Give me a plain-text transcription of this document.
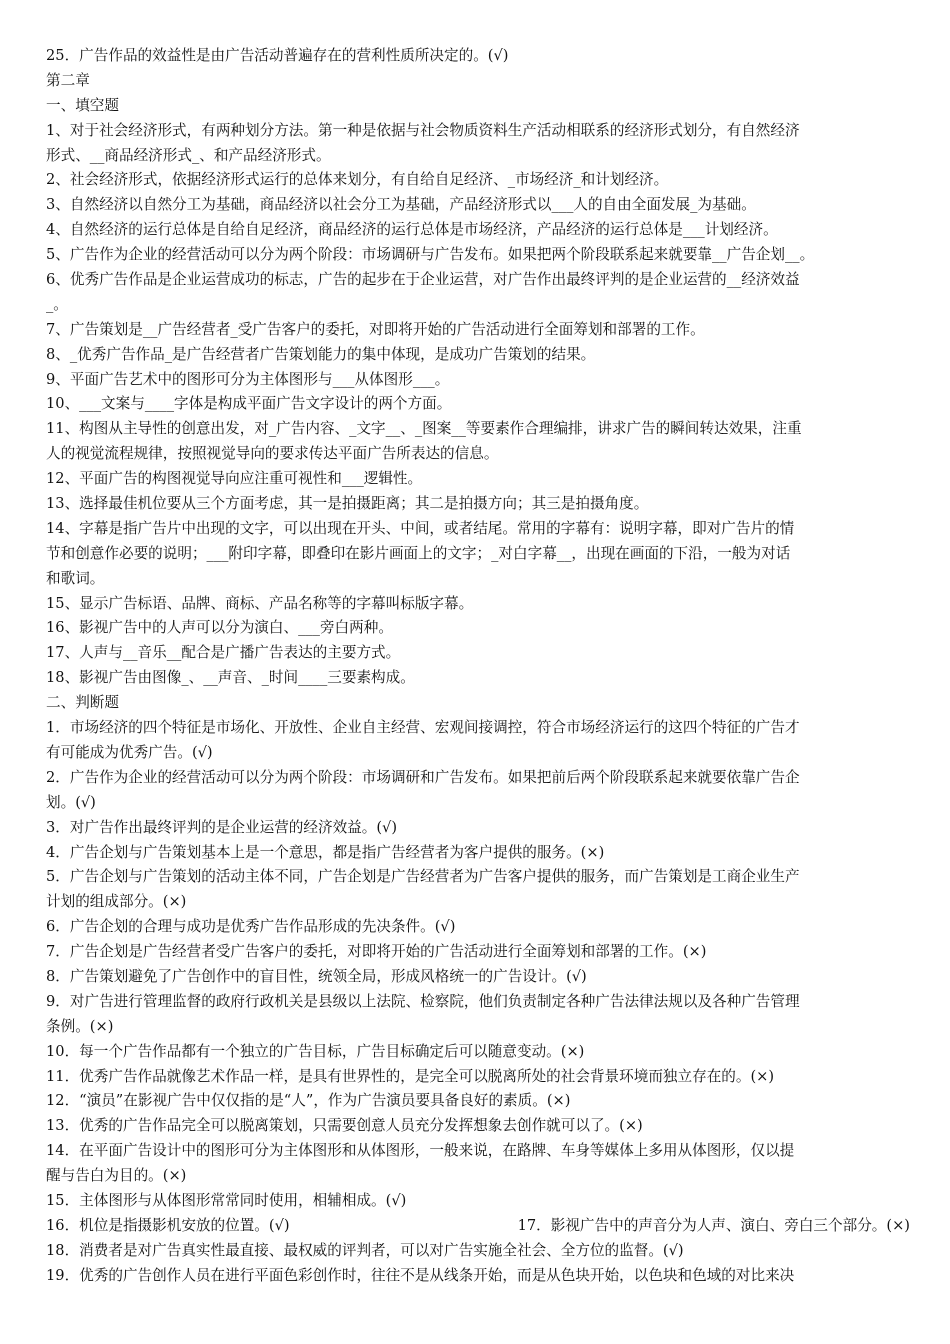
25．广告作品的效益性是由广告活动普遍存在的营利性质所决定的。(√)
第二章
一、填空题
1、对于社会经济形式，有两种划分方法。第一种是依据与社会物质资料生产活动相联系的经济形式划分，有自然经济
形式、__商品经济形式_、和产品经济形式。
2、社会经济形式，依据经济形式运行的总体来划分，有自给自足经济、_市场经济_和计划经济。
3、自然经济以自然分工为基础，商品经济以社会分工为基础，产品经济形式以___人的自由全面发展_为基础。
4、自然经济的运行总体是自给自足经济，商品经济的运行总体是市场经济，产品经济的运行总体是___计划经济。
5、广告作为企业的经营活动可以分为两个阶段：市场调研与广告发布。如果把两个阶段联系起来就要靠__广告企划__。
6、优秀广告作品是企业运营成功的标志，广告的起步在于企业运营，对广告作出最终评判的是企业运营的__经济效益
_。
7、广告策划是__广告经营者_受广告客户的委托，对即将开始的广告活动进行全面筹划和部署的工作。
8、_优秀广告作品_是广告经营者广告策划能力的集中体现，是成功广告策划的结果。
9、平面广告艺术中的图形可分为主体图形与___从体图形___。
10、___文案与____字体是构成平面广告文字设计的两个方面。
11、构图从主导性的创意出发，对_广告内容、_文字__、_图案__等要素作合理编排，讲求广告的瞬间转达效果，注重
人的视觉流程规律，按照视觉导向的要求传达平面广告所表达的信息。
12、平面广告的构图视觉导向应注重可视性和___逻辑性。
13、选择最佳机位要从三个方面考虑，其一是拍摄距离；其二是拍摄方向；其三是拍摄角度。
14、字幕是指广告片中出现的文字，可以出现在开头、中间，或者结尾。常用的字幕有：说明字幕，即对广告片的情
节和创意作必要的说明；___附印字幕，即叠印在影片画面上的文字；_对白字幕__，出现在画面的下沿，一般为对话
和歌词。
15、显示广告标语、品牌、商标、产品名称等的字幕叫标版字幕。
16、影视广告中的人声可以分为演白、___旁白两种。
17、人声与__音乐__配合是广播广告表达的主要方式。
18、影视广告由图像_、__声音、_时间____三要素构成。
二、判断题
1．市场经济的四个特征是市场化、开放性、企业自主经营、宏观间接调控，符合市场经济运行的这四个特征的广告才
有可能成为优秀广告。(√)
2．广告作为企业的经营活动可以分为两个阶段：市场调研和广告发布。如果把前后两个阶段联系起来就要依靠广告企
划。(√)
3．对广告作出最终评判的是企业运营的经济效益。(√)
4．广告企划与广告策划基本上是一个意思，都是指广告经营者为客户提供的服务。(×)
5．广告企划与广告策划的活动主体不同，广告企划是广告经营者为广告客户提供的服务，而广告策划是工商企业生产
计划的组成部分。(×)
6．广告企划的合理与成功是优秀广告作品形成的先决条件。(√)
7．广告企划是广告经营者受广告客户的委托，对即将开始的广告活动进行全面筹划和部署的工作。(×)
8．广告策划避免了广告创作中的盲目性，统领全局，形成风格统一的广告设计。(√)
9．对广告进行管理监督的政府行政机关是县级以上法院、检察院，他们负责制定各种广告法律法规以及各种广告管理
条例。(×)
10．每一个广告作品都有一个独立的广告目标，广告目标确定后可以随意变动。(×)
11．优秀广告作品就像艺术作品一样，是具有世界性的，是完全可以脱离所处的社会背景环境而独立存在的。(×)
12．“演员”在影视广告中仅仅指的是“人”，作为广告演员要具备良好的素质。(×)
13．优秀的广告作品完全可以脱离策划，只需要创意人员充分发挥想象去创作就可以了。(×)
14．在平面广告设计中的图形可分为主体图形和从体图形，一般来说，在路牌、车身等媒体上多用从体图形，仅以提
醒与告白为目的。(×)
15．主体图形与从体图形常常同时使用，相辅相成。(√)
16．机位是指摄影机安放的位置。(√)	17．影视广告中的声音分为人声、演白、旁白三个部分。(×)
18．消费者是对广告真实性最直接、最权威的评判者，可以对广告实施全社会、全方位的监督。(√)
19．优秀的广告创作人员在进行平面色彩创作时，往往不是从线条开始，而是从色块开始，以色块和色域的对比来决
